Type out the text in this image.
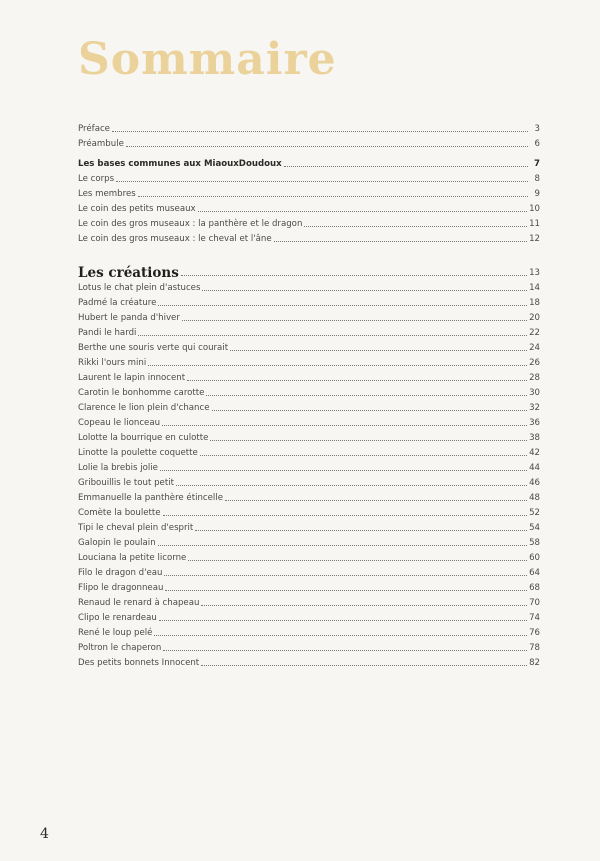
Sommaire
Préface	3
Préambule	6
Les bases communes aux MiaouxDoudoux	7
Le corps	8
Les membres	9
Le coin des petits museaux	10
Le coin des gros museaux : la panthère et le dragon	11
Le coin des gros museaux : le cheval et l'âne	12
Les créations	13
Lotus le chat plein d'astuces	14
Padmé la créature	18
Hubert le panda d'hiver	20
Pandi le hardi	22
Berthe une souris verte qui courait	24
Rikki l'ours mini	26
Laurent le lapin innocent	28
Carotin le bonhomme carotte	30
Clarence le lion plein d'chance	32
Copeau le lionceau	36
Lolotte la bourrique en culotte	38
Linotte la poulette coquette	42
Lolie la brebis jolie	44
Gribouillis le tout petit	46
Emmanuelle la panthère étincelle	48
Comète la boulette	52
Tipi le cheval plein d'esprit	54
Galopin le poulain	58
Louciana la petite licorne	60
Filo le dragon d'eau	64
Flipo le dragonneau	68
Renaud le renard à chapeau	70
Clipo le renardeau	74
René le loup pelé	76
Poltron le chaperon	78
Des petits bonnets Innocent	82
4
